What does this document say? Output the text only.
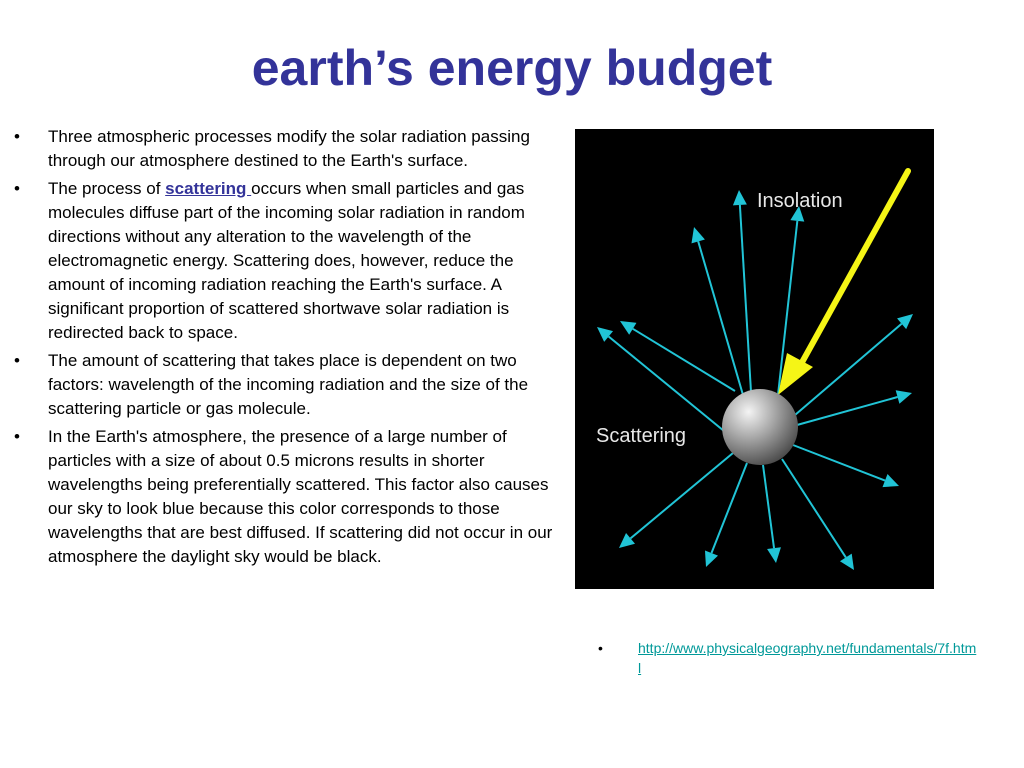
earth’s energy budget
•	Three atmospheric processes modify the solar radiation passing through our atmosphere destined to the Earth's surface.
•	The process of scattering occurs when small particles and gas molecules diffuse part of the incoming solar radiation in random directions without any alteration to the wavelength of the electromagnetic energy. Scattering does, however, reduce the amount of incoming radiation reaching the Earth's surface. A significant proportion of scattered shortwave solar radiation is redirected back to space.
•	The amount of scattering that takes place is dependent on two factors: wavelength of the incoming radiation and the size of the scattering particle or gas molecule.
•	In the Earth's atmosphere, the presence of a large number of particles with a size of about 0.5 microns results in shorter wavelengths being preferentially scattered. This factor also causes our sky to look blue because this color corresponds to those wavelengths that are best diffused. If scattering did not occur in our atmosphere the daylight sky would be black.
Insolation
Scattering
•	http://www.physicalgeography.net/fundamentals/7f.html
